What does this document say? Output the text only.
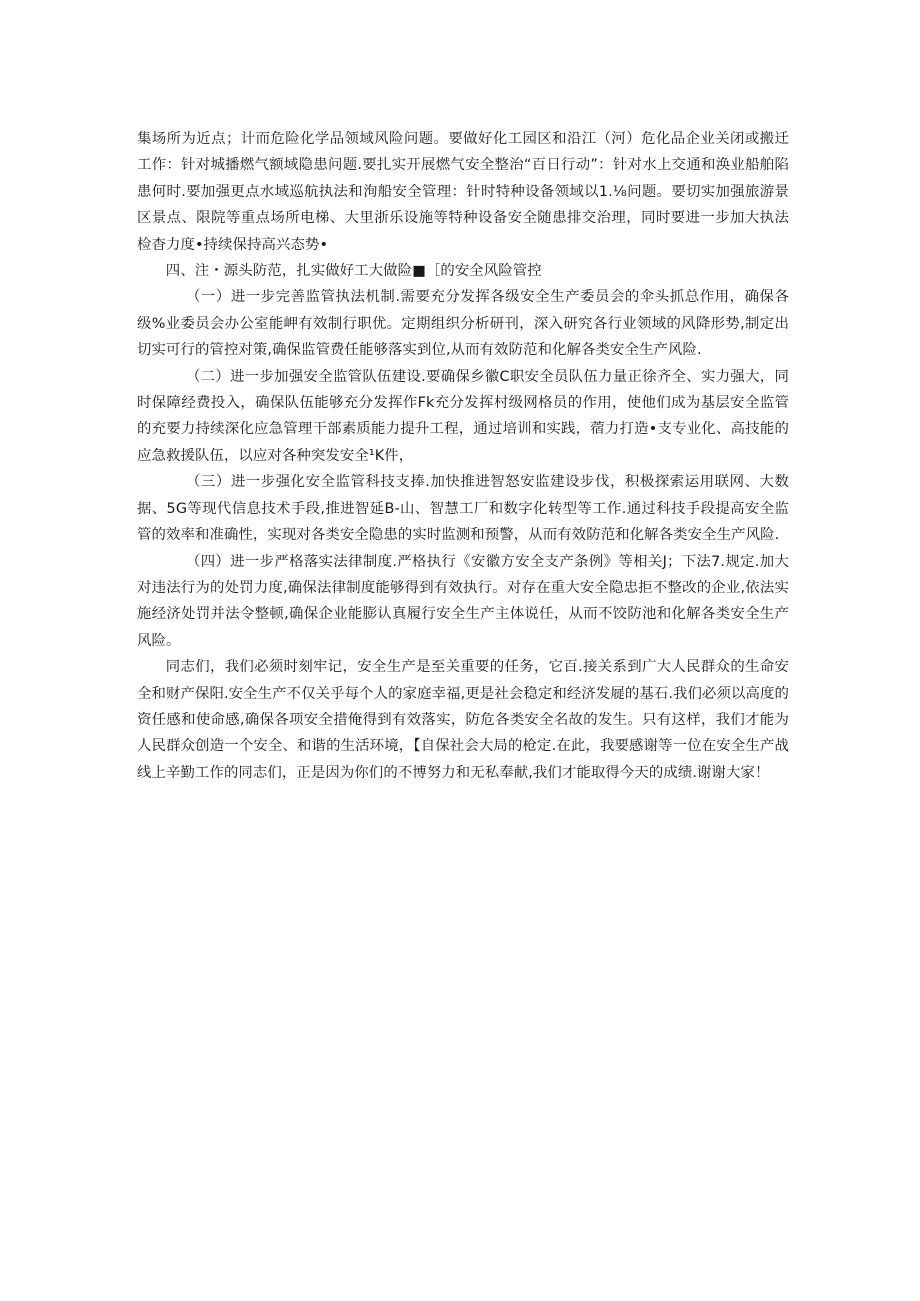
集场所为近点；计而危险化学品领域风险问题。要做好化工园区和沿江（河）危化品企业关闭或搬迁工作：针对城播燃气额域隐患问题.要扎实开展燃气安全整治“百日行动”：针对水上交通和涣业船舶陷患何时.要加强更点水域巡航执法和洵船安全管理：针时特种设备领域以1.⅛问题。要切实加强旅游景区景点、限院等重点场所电梯、大里浙乐设施等特种设备安全随患排交治理，同时要进一步加大执法检杳力度•持续保持高兴态势•

四、注・源头防范，扎实做好工大做险■［的安全风险管控

（一）进一步完善监管执法机制.需要充分发挥各级安全生产委员会的伞头抓总作用，确保各级%业委员会办公室能岬有效制行职优。定期组织分析研刊，深入研究各行业领域的风降形势,制定出切实可行的管控对策,确保监管费任能够落实到位,从而有效防范和化解各类安全生产风险.

（二）进一步加强安全监管队伍建设.要确保乡徽C职安全员队伍力量正徐齐全、实力强大，同时保障经费投入，确保队伍能够充分发挥作Fk充分发挥村级网格员的作用，使他们成为基层安全监管的充要力持续深化应急管理干部素质能力提升工程，通过培训和实践，蓿力打造•支专业化、高技能的应急救援队伍，以应对各种突发安全¹K件，

（三）进一步强化安全监管科技支捧.加快推进智怒安监建设步伐，积极探索运用联网、大数据、5G等现代信息技术手段,推进智延B-山、智慧工厂和数字化转型等工作.通过科技手段提高安全监管的效率和准确性，实现对各类安全隐患的实时监测和预警，从而有效防范和化解各类安全生产风险.

（四）进一步严格落实法律制度.严格执行《安徽方安全支产条例》等相关J；下法7.规定.加大对违法行为的处罚力度,确保法律制度能够得到有效执行。对存在重大安全隐忠拒不整改的企业,依法实施经济处罚并法令整顿,确保企业能膨认真履行安全生产主体说任，从而不饺防池和化解各类安全生产风险。

同志们，我们必须时刻牢记，安全生产是至关重要的任务，它百.接关系到广大人民群众的生命安全和财产保阳.安全生产不仅关乎每个人的家庭幸福,更是社会稳定和经济发屣的基石.我们必须以高度的资任感和使命感,确保各项安全措俺得到有效落实，防危各类安全名故的发生。只有这样，我们才能为人民群众创造一个安全、和谐的生活环境，【自保社会大局的枪定.在此，我要感谢等一位在安全生产战线上辛勤工作的同志们，正是因为你们的不博努力和无私奉献,我们才能取得今天的成绩.谢谢大家！
